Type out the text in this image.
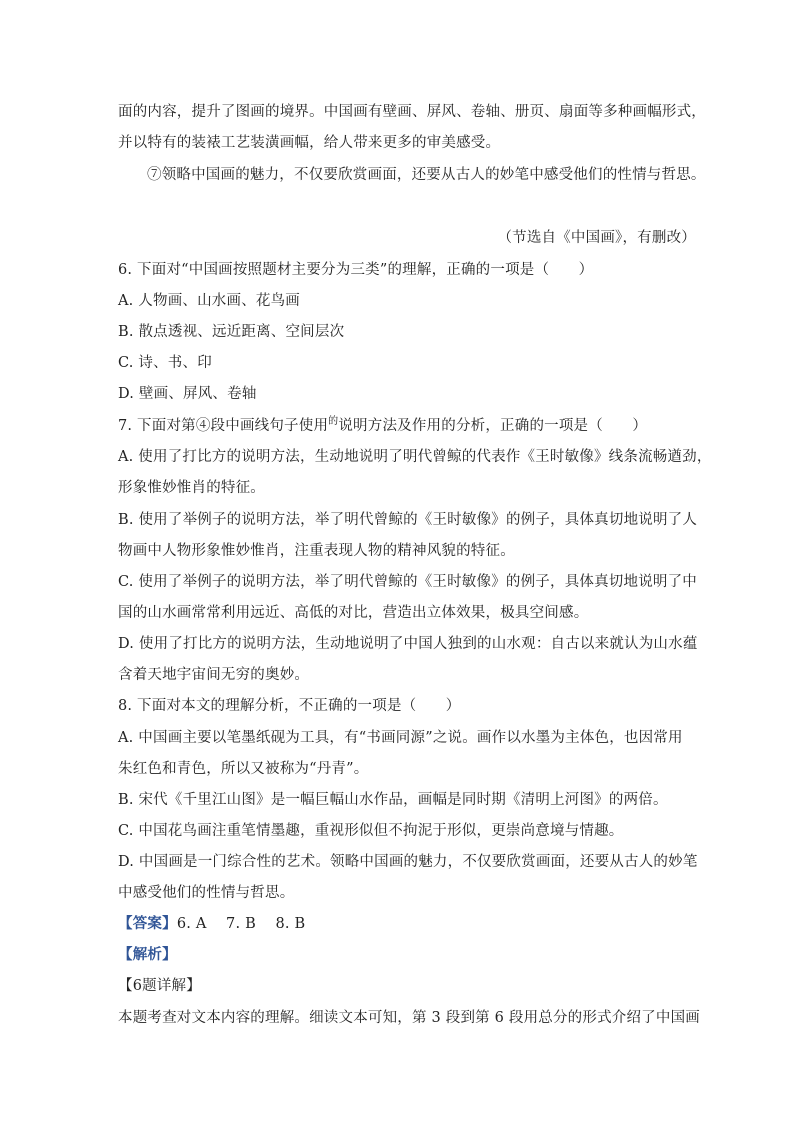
面的内容，提升了图画的境界。中国画有壁画、屏风、卷轴、册页、扇面等多种画幅形式，
并以特有的装裱工艺装潢画幅，给人带来更多的审美感受。
⑦领略中国画的魅力，不仅要欣赏画面，还要从古人的妙笔中感受他们的性情与哲思。
（节选自《中国画》，有删改）
6. 下面对“中国画按照题材主要分为三类”的理解，正确的一项是（　　）
A. 人物画、山水画、花鸟画
B. 散点透视、远近距离、空间层次
C. 诗、书、印
D. 壁画、屏风、卷轴
7. 下面对第④段中画线句子使用$^的$说明方法及作用的分析，正确的一项是（　　）
A. 使用了打比方的说明方法，生动地说明了明代曾鲸的代表作《王时敏像》线条流畅遒劲，
形象惟妙惟肖的特征。
B. 使用了举例子的说明方法，举了明代曾鲸的《王时敏像》的例子，具体真切地说明了人
物画中人物形象惟妙惟肖，注重表现人物的精神风貌的特征。
C. 使用了举例子的说明方法，举了明代曾鲸的《王时敏像》的例子，具体真切地说明了中
国的山水画常常利用远近、高低的对比，营造出立体效果，极具空间感。
D. 使用了打比方的说明方法，生动地说明了中国人独到的山水观：自古以来就认为山水蕴
含着天地宇宙间无穷的奥妙。
8. 下面对本文的理解分析，不正确的一项是（　　）
A. 中国画主要以笔墨纸砚为工具，有“书画同源”之说。画作以水墨为主体色，也因常用
朱红色和青色，所以又被称为“丹青”。
B. 宋代《千里江山图》是一幅巨幅山水作品，画幅是同时期《清明上河图》的两倍。
C. 中国花鸟画注重笔情墨趣，重视形似但不拘泥于形似，更崇尚意境与情趣。
D. 中国画是一门综合性的艺术。领略中国画的魅力，不仅要欣赏画面，还要从古人的妙笔
中感受他们的性情与哲思。
【答案】6. A　 7. B　 8. B
【解析】
【6题详解】
本题考查对文本内容的理解。细读文本可知，第 3 段到第 6 段用总分的形式介绍了中国画
